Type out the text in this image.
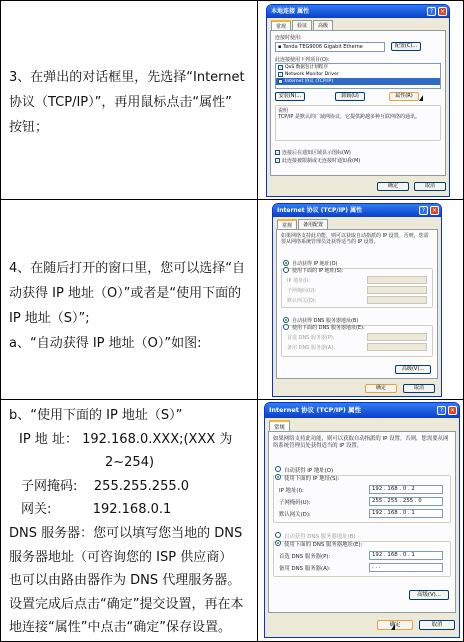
3、在弹出的对话框里，先选择“Internet

协议（TCP/IP）”，再用鼠标点击“属性”

按钮；

本地连接 属性	?	×
常规	验证	高级
连接时使用:
▪ Tenda TEG9006 Gigabit Etherne	配置(C)...
此连接使用下列项目(O):
✓ QoS 数据包计划程序
✓ Network Monitor Driver
✓ Internet 协议 (TCP/IP)
安装(N)...	卸载(U)	属性(R)
说明
TCP/IP 是默认的广域网协议。它提供跨越多种互联网络的通讯。
✓ 连接后在通知区域显示图标(W)
✓ 此连接被限制或无连接时通知我(M)
确定	取消

4、在随后打开的窗口里，您可以选择“自

动获得 IP 地址（O）”或者是“使用下面的

IP 地址（S）”;

a、“自动获得 IP 地址（O）”如图:

Internet 协议 (TCP/IP) 属性	?	×
常规	备用配置
如果网络支持此功能，则可以获取自动指派的 IP 设置。否则，您需要从网络系统管理员处获得适当的 IP 设置。
自动获得 IP 地址(O)
使用下面的 IP 地址(S):
IP 地址(I):
子网掩码(U):
默认网关(D):
自动获得 DNS 服务器地址(B)
使用下面的 DNS 服务器地址(E):
首选 DNS 服务器(P):
备用 DNS 服务器(A):
高级(V)...
确定	取消

b、“使用下面的 IP 地址（S）”

IP 地 址：
192.168.0.XXX;(XXX 为

2~254)

子网掩码:    255.255.255.0

网关:          192.168.0.1

DNS 服务器：您可以填写您当地的 DNS

服务器地址（可咨询您的 ISP 供应商）

也可以由路由器作为 DNS 代理服务器。

设置完成后点击“确定”提交设置，再在本

地连接“属性”中点击“确定”保存设置。

Internet 协议 (TCP/IP) 属性	?	×
常规
如果网络支持此功能，则可以获取自动指派的 IP 设置。否则，您需要从网络系统管理员处获得适当的 IP 设置。
自动获得 IP 地址(O)
使用下面的 IP 地址(S):
IP 地址(I):	192 . 168 . 0 . 2
子网掩码(U):	255 . 255 . 255 . 0
默认网关(D):	192 . 168 . 0 . 1
自动获得 DNS 服务器地址(B)
使用下面的 DNS 服务器地址(E):
首选 DNS 服务器(P):	192 . 168 . 0 . 1
备用 DNS 服务器(A):	. . .
高级(V)...
确定	取消
